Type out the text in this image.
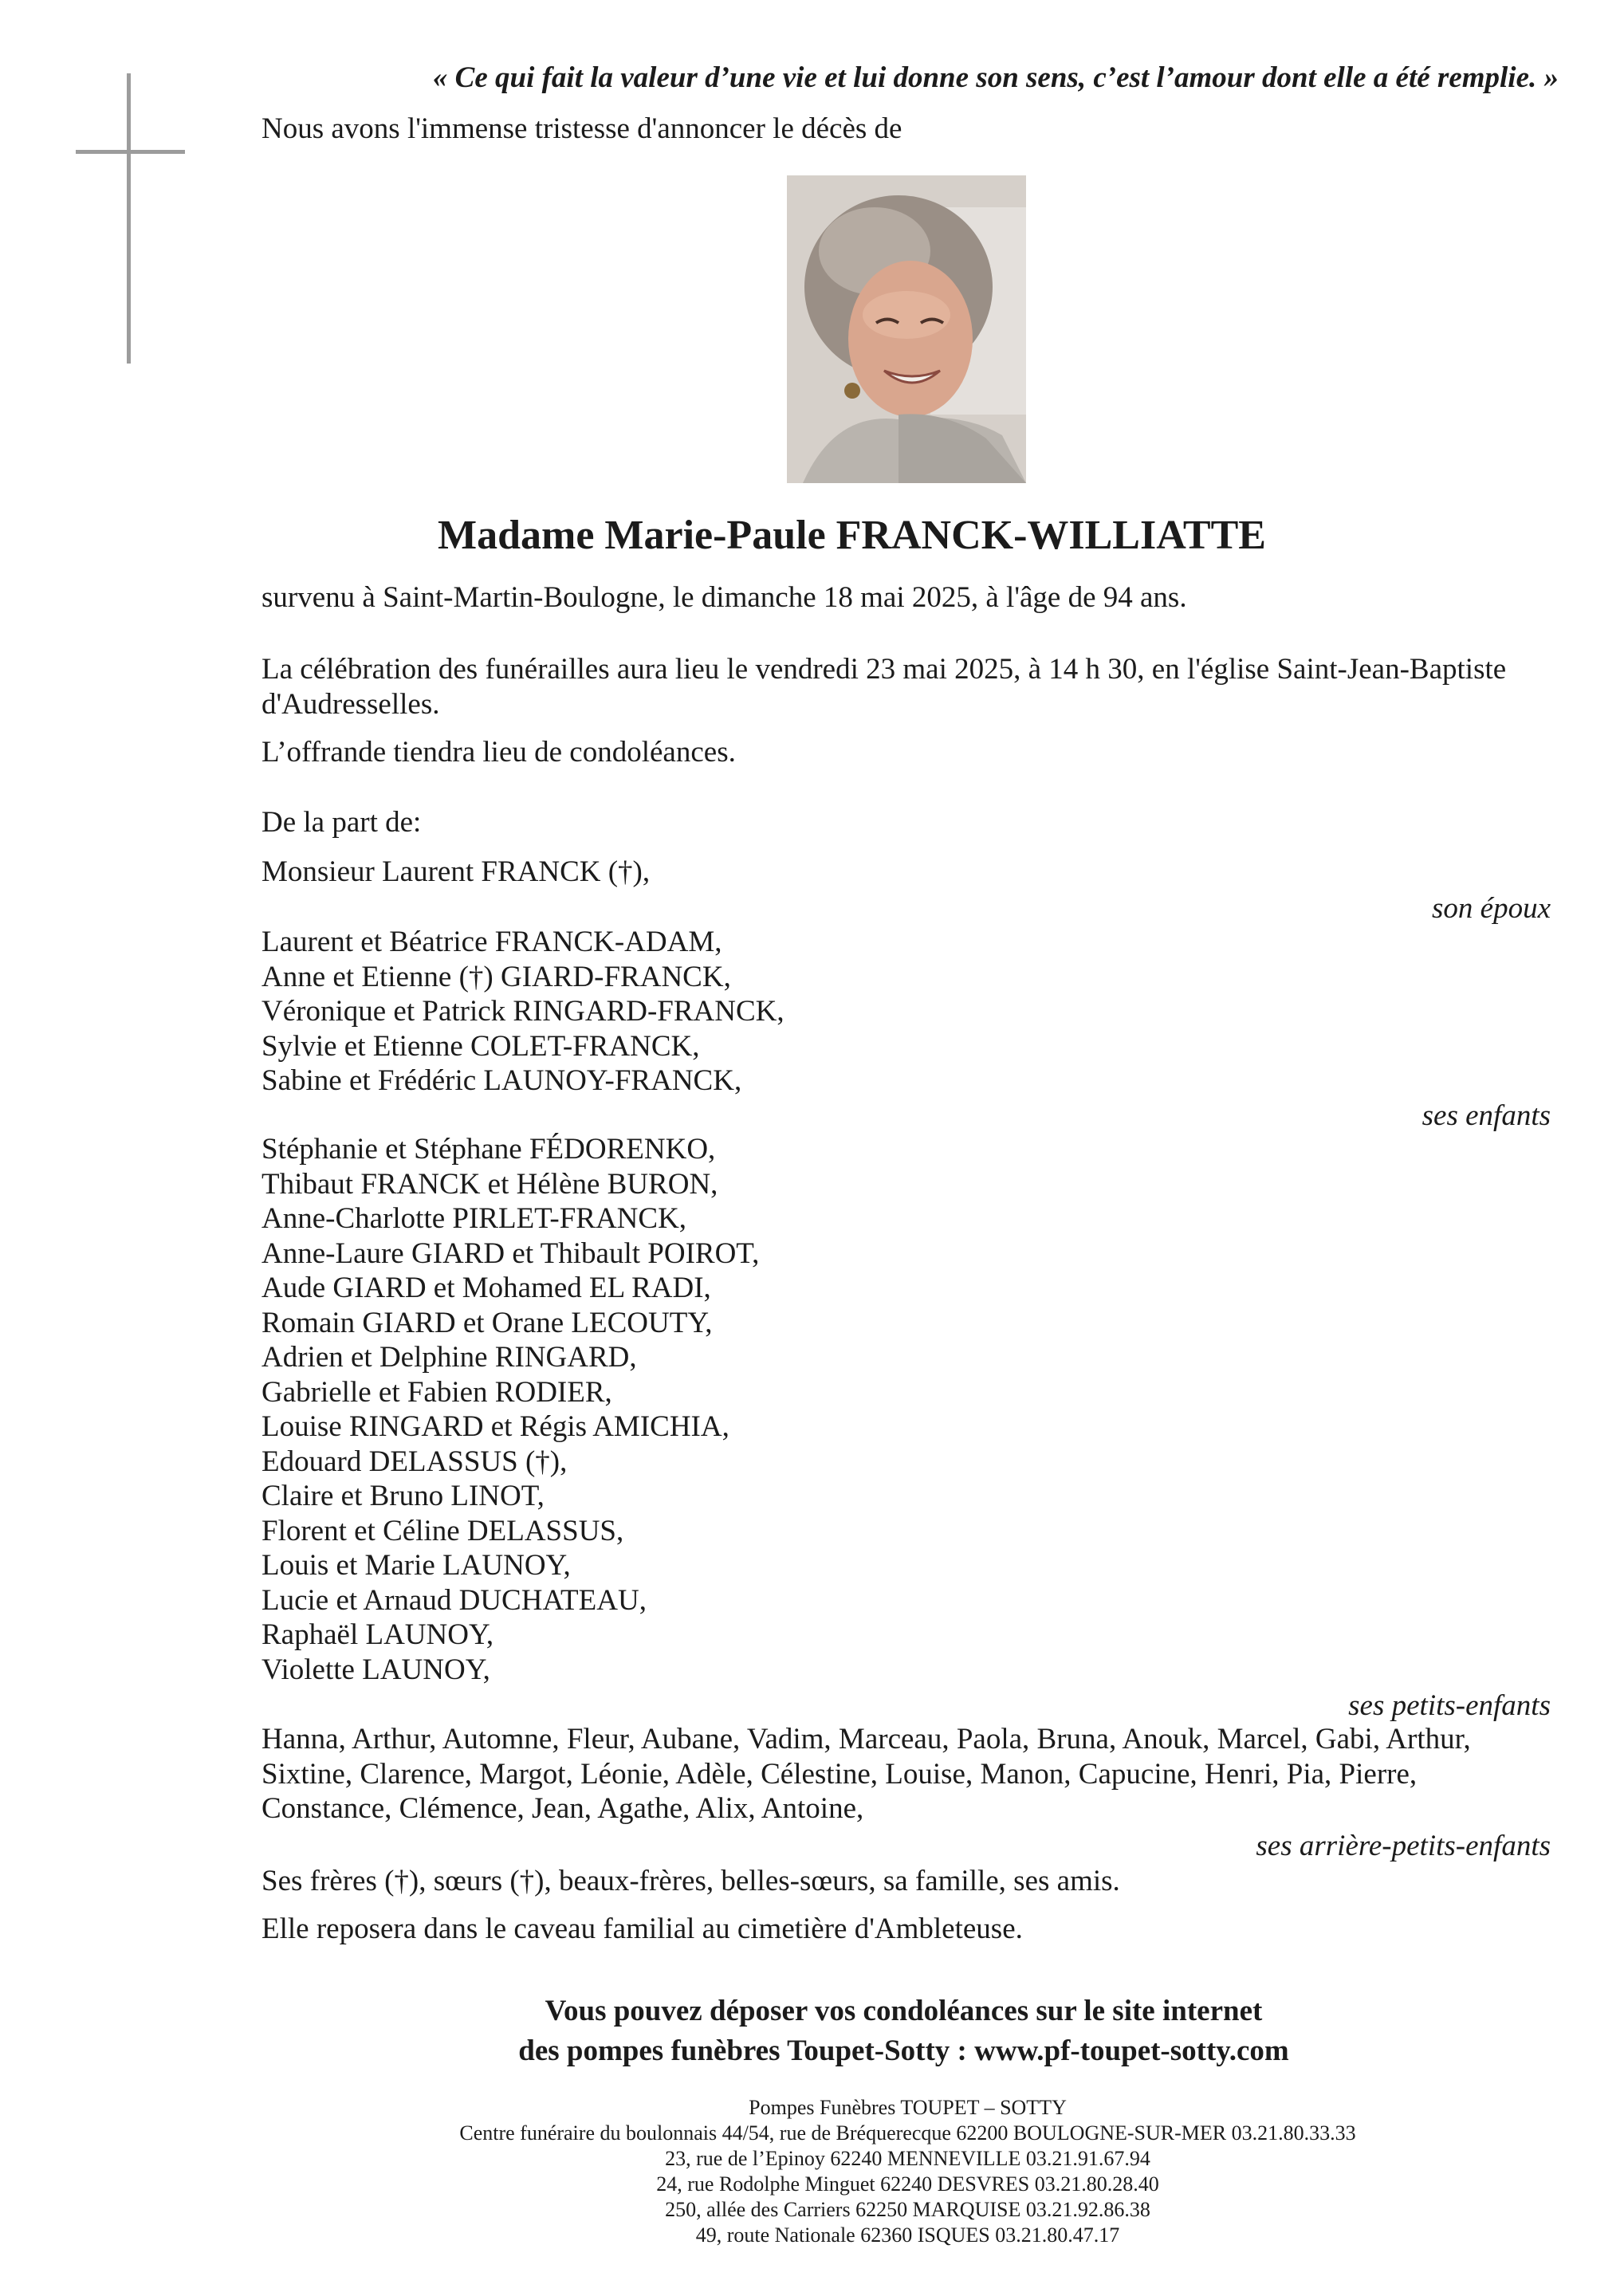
« Ce qui fait la valeur d’une vie et lui donne son sens, c’est l’amour dont elle a été remplie. »
Nous avons l'immense tristesse d'annoncer le décès de
Madame Marie-Paule FRANCK-WILLIATTE
survenu à Saint-Martin-Boulogne, le dimanche 18 mai 2025, à l'âge de 94 ans.
La célébration des funérailles aura lieu le vendredi 23 mai 2025, à 14 h 30, en l'église Saint-Jean-Baptiste
d'Audresselles.
L’offrande tiendra lieu de condoléances.
De la part de:
Monsieur Laurent FRANCK (†),
son époux
Laurent et Béatrice FRANCK-ADAM,
Anne et Etienne (†) GIARD-FRANCK,
Véronique et Patrick RINGARD-FRANCK,
Sylvie et Etienne COLET-FRANCK,
Sabine et Frédéric LAUNOY-FRANCK,
ses enfants
Stéphanie et Stéphane FÉDORENKO,
Thibaut FRANCK et Hélène BURON,
Anne-Charlotte PIRLET-FRANCK,
Anne-Laure GIARD et Thibault POIROT,
Aude GIARD et Mohamed EL RADI,
Romain GIARD et Orane LECOUTY,
Adrien et Delphine RINGARD,
Gabrielle et Fabien RODIER,
Louise RINGARD et Régis AMICHIA,
Edouard DELASSUS (†),
Claire et Bruno LINOT,
Florent et Céline DELASSUS,
Louis et Marie LAUNOY,
Lucie et Arnaud DUCHATEAU,
Raphaël LAUNOY,
Violette LAUNOY,
ses petits-enfants
Hanna, Arthur, Automne, Fleur, Aubane, Vadim, Marceau, Paola, Bruna, Anouk, Marcel, Gabi, Arthur,
Sixtine, Clarence, Margot, Léonie, Adèle, Célestine, Louise, Manon, Capucine, Henri, Pia, Pierre,
Constance, Clémence, Jean, Agathe, Alix, Antoine,
ses arrière-petits-enfants
Ses frères (†), sœurs (†), beaux-frères, belles-sœurs, sa famille, ses amis.
Elle reposera dans le caveau familial au cimetière d'Ambleteuse.
Vous pouvez déposer vos condoléances sur le site internet
des pompes funèbres Toupet-Sotty : www.pf-toupet-sotty.com
Pompes Funèbres TOUPET – SOTTY
Centre funéraire du boulonnais 44/54, rue de Bréquerecque 62200 BOULOGNE-SUR-MER 03.21.80.33.33
23, rue de l’Epinoy 62240 MENNEVILLE 03.21.91.67.94
24, rue Rodolphe Minguet 62240 DESVRES 03.21.80.28.40
250, allée des Carriers 62250 MARQUISE 03.21.92.86.38
49, route Nationale 62360 ISQUES 03.21.80.47.17
